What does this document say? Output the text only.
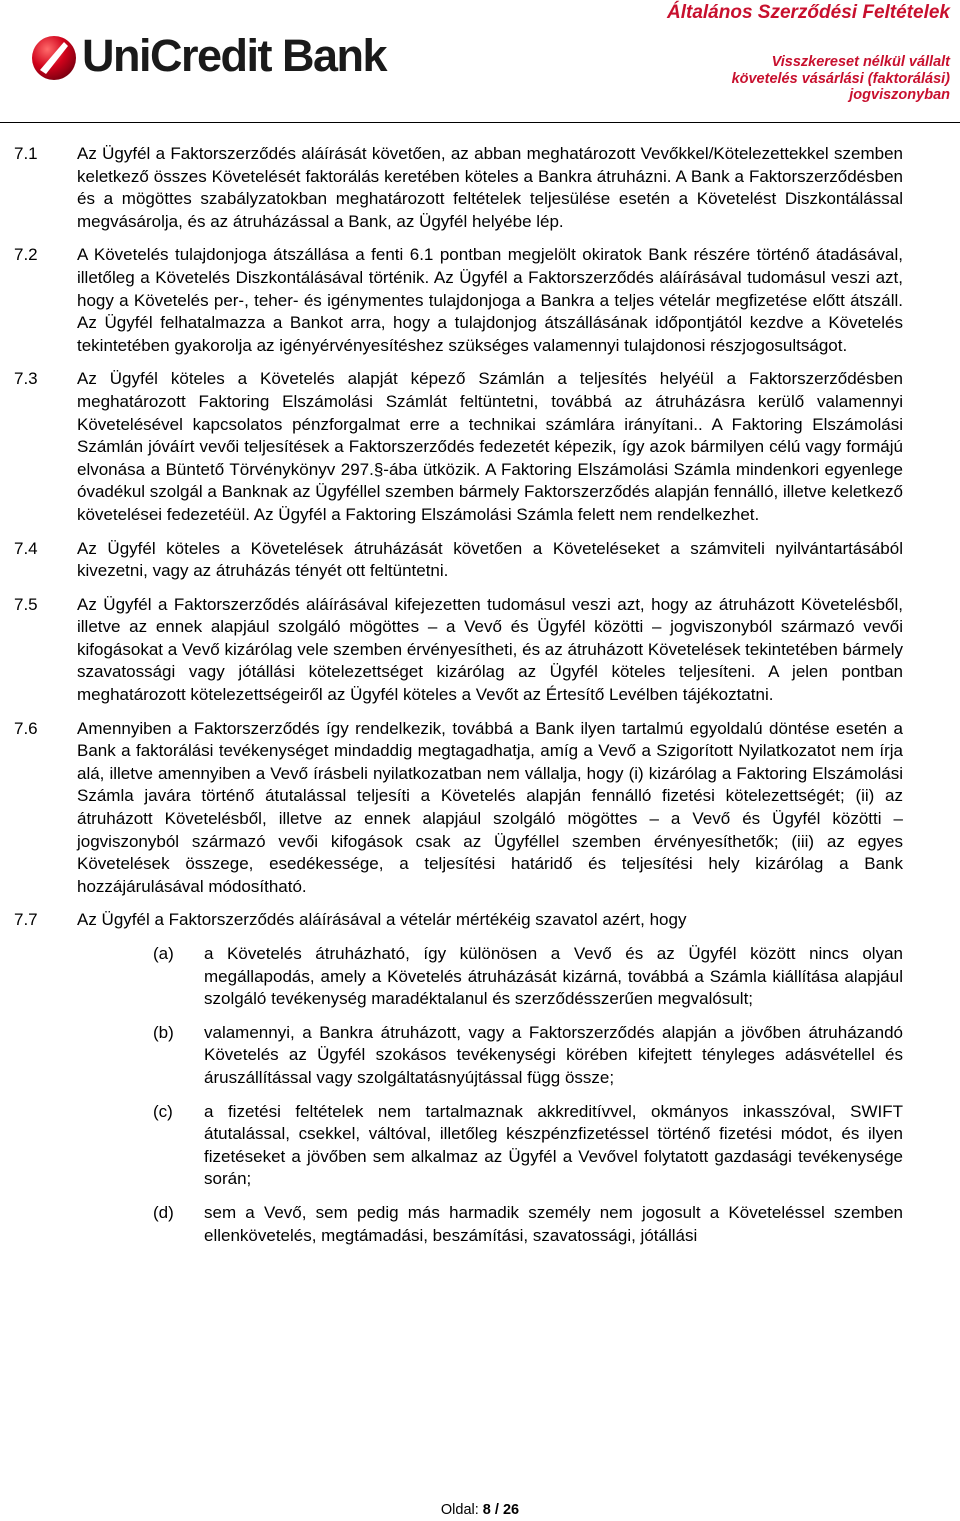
UniCredit Bank
Általános Szerződési Feltételek
Visszkereset nélkül vállalt
követelés vásárlási (faktorálási)
jogviszonyban
7.1 Az Ügyfél a Faktorszerződés aláírását követően, az abban meghatározott Vevőkkel/Kötelezettekkel szemben keletkező összes Követelését faktorálás keretében köteles a Bankra átruházni. A Bank a Faktorszerződésben és a mögöttes szabályzatokban meghatározott feltételek teljesülése esetén a Követelést Diszkontálással megvásárolja, és az átruházással a Bank, az Ügyfél helyébe lép.
7.2 A Követelés tulajdonjoga átszállása a fenti 6.1 pontban megjelölt okiratok Bank részére történő átadásával, illetőleg a Követelés Diszkontálásával történik. Az Ügyfél a Faktorszerződés aláírásával tudomásul veszi azt, hogy a Követelés per-, teher- és igénymentes tulajdonjoga a Bankra a teljes vételár megfizetése előtt átszáll. Az Ügyfél felhatalmazza a Bankot arra, hogy a tulajdonjog átszállásának időpontjától kezdve a Követelés tekintetében gyakorolja az igényérvényesítéshez szükséges valamennyi tulajdonosi részjogosultságot.
7.3 Az Ügyfél köteles a Követelés alapját képező Számlán a teljesítés helyéül a Faktorszerződésben meghatározott Faktoring Elszámolási Számlát feltüntetni, továbbá az átruházásra kerülő valamennyi Követelésével kapcsolatos pénzforgalmat erre a technikai számlára irányítani.. A Faktoring Elszámolási Számlán jóváírt vevői teljesítések a Faktorszerződés fedezetét képezik, így azok bármilyen célú vagy formájú elvonása a Büntető Törvénykönyv 297.§-ába ütközik. A Faktoring Elszámolási Számla mindenkori egyenlege óvadékul szolgál a Banknak az Ügyféllel szemben bármely Faktorszerződés alapján fennálló, illetve keletkező követelései fedezetéül. Az Ügyfél a Faktoring Elszámolási Számla felett nem rendelkezhet.
7.4 Az Ügyfél köteles a Követelések átruházását követően a Követeléseket a számviteli nyilvántartásából kivezetni, vagy az átruházás tényét ott feltüntetni.
7.5 Az Ügyfél a Faktorszerződés aláírásával kifejezetten tudomásul veszi azt, hogy az átruházott Követelésből, illetve az ennek alapjául szolgáló mögöttes – a Vevő és Ügyfél közötti – jogviszonyból származó vevői kifogásokat a Vevő kizárólag vele szemben érvényesítheti, és az átruházott Követelések tekintetében bármely szavatossági vagy jótállási kötelezettséget kizárólag az Ügyfél köteles teljesíteni. A jelen pontban meghatározott kötelezettségeiről az Ügyfél köteles a Vevőt az Értesítő Levélben tájékoztatni.
7.6 Amennyiben a Faktorszerződés így rendelkezik, továbbá a Bank ilyen tartalmú egyoldalú döntése esetén a Bank a faktorálási tevékenységet mindaddig megtagadhatja, amíg a Vevő a Szigorított Nyilatkozatot nem írja alá, illetve amennyiben a Vevő írásbeli nyilatkozatban nem vállalja, hogy (i) kizárólag a Faktoring Elszámolási Számla javára történő átutalással teljesíti a Követelés alapján fennálló fizetési kötelezettségét; (ii) az átruházott Követelésből, illetve az ennek alapjául szolgáló mögöttes – a Vevő és Ügyfél közötti – jogviszonyból származó vevői kifogások csak az Ügyféllel szemben érvényesíthetők; (iii) az egyes Követelések összege, esedékessége, a teljesítési határidő és teljesítési hely kizárólag a Bank hozzájárulásával módosítható.
7.7 Az Ügyfél a Faktorszerződés aláírásával a vételár mértékéig szavatol azért, hogy
(a) a Követelés átruházható, így különösen a Vevő és az Ügyfél között nincs olyan megállapodás, amely a Követelés átruházását kizárná, továbbá a Számla kiállítása alapjául szolgáló tevékenység maradéktalanul és szerződésszerűen megvalósult;
(b) valamennyi, a Bankra átruházott, vagy a Faktorszerződés alapján a jövőben átruházandó Követelés az Ügyfél szokásos tevékenységi körében kifejtett tényleges adásvétellel és áruszállítással vagy szolgáltatásnyújtással függ össze;
(c) a fizetési feltételek nem tartalmaznak akkreditívvel, okmányos inkasszóval, SWIFT átutalással, csekkel, váltóval, illetőleg készpénzfizetéssel történő fizetési módot, és ilyen fizetéseket a jövőben sem alkalmaz az Ügyfél a Vevővel folytatott gazdasági tevékenysége során;
(d) sem a Vevő, sem pedig más harmadik személy nem jogosult a Követeléssel szemben ellenkövetelés, megtámadási, beszámítási, szavatossági, jótállási
Oldal: 8 / 26
